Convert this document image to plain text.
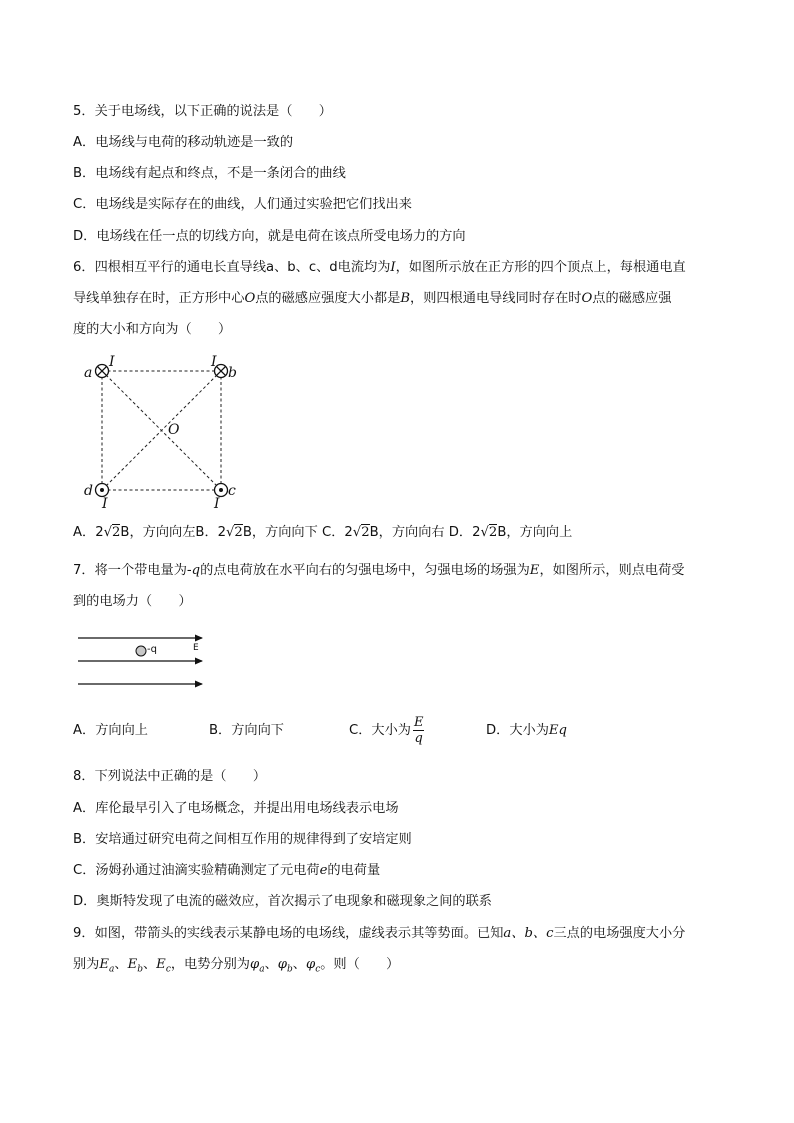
5．关于电场线，以下正确的说法是（　　）
A．电场线与电荷的移动轨迹是一致的
B．电场线有起点和终点，不是一条闭合的曲线
C．电场线是实际存在的曲线，人们通过实验把它们找出来
D．电场线在任一点的切线方向，就是电荷在该点所受电场力的方向
6．四根相互平行的通电长直导线a、b、c、d电流均为I，如图所示放在正方形的四个顶点上，每根通电直
导线单独存在时，正方形中心O点的磁感应强度大小都是B，则四根通电导线同时存在时O点的磁感应强
度的大小和方向为（　　）
a	b
c
d
I	I
I	I
O
A．2√2B，方向向左B．2√2B，方向向下 C．2√2B，方向向右 D．2√2B，方向向上
7．将一个带电量为-q的点电荷放在水平向右的匀强电场中，匀强电场的场强为E，如图所示，则点电荷受
到的电场力（　　）
-q	E
A．方向向上	B．方向向下	C．大小为 $\frac{E}{q}$	D．大小为Eq
8．下列说法中正确的是（　　）
A．库伦最早引入了电场概念，并提出用电场线表示电场
B．安培通过研究电荷之间相互作用的规律得到了安培定则
C．汤姆孙通过油滴实验精确测定了元电荷e的电荷量
D．奥斯特发现了电流的磁效应，首次揭示了电现象和磁现象之间的联系
9．如图，带箭头的实线表示某静电场的电场线，虚线表示其等势面。已知a、b、c三点的电场强度大小分
别为$E_a$、$E_b$、$E_c$，电势分别为$\varphi_a$、$\varphi_b$、$\varphi_c$。则（　　）
